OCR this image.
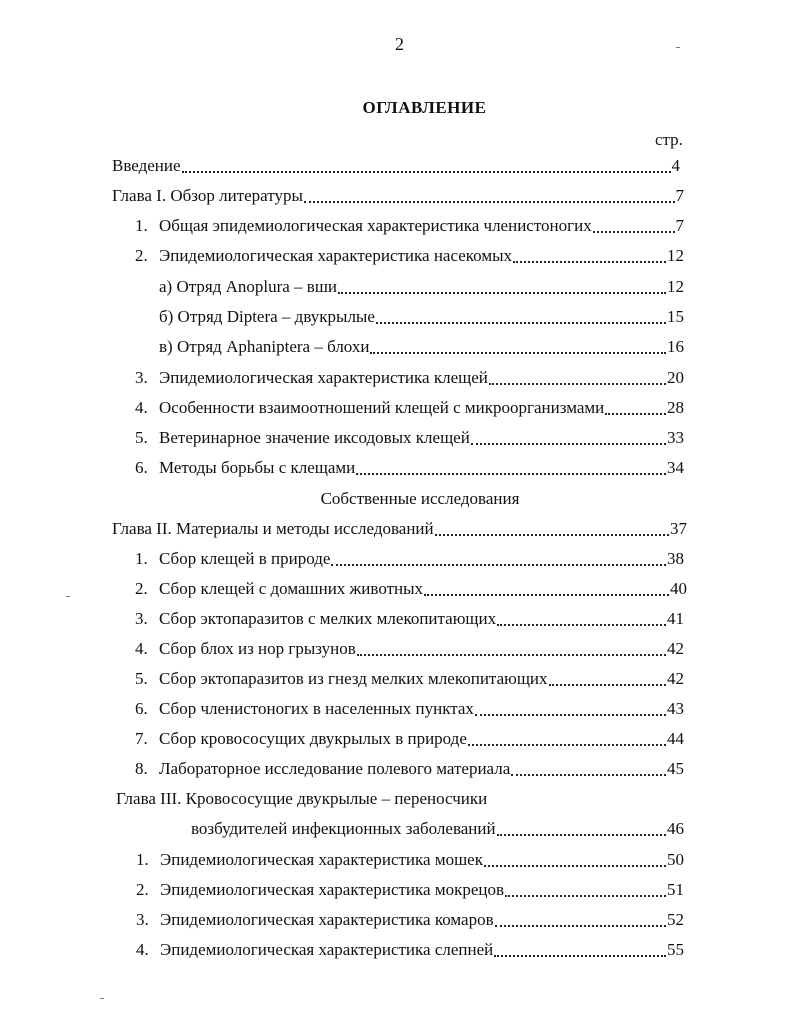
2
ОГЛАВЛЕНИЕ
стр.
Введение	4
Глава I. Обзор литературы	7
1. Общая эпидемиологическая характеристика членистоногих	7
2. Эпидемиологическая характеристика насекомых	12
а) Отряд Anoplura – вши	12
б) Отряд Diptera – двукрылые	15
в) Отряд Aphaniptera – блохи	16
3. Эпидемиологическая характеристика клещей	20
4. Особенности взаимоотношений клещей с микроорганизмами	28
5. Ветеринарное значение иксодовых клещей	33
6. Методы борьбы с клещами	34
Собственные исследования
Глава II. Материалы и методы исследований	37
1. Сбор клещей в природе	38
2. Сбор клещей с домашних животных	40
3. Сбор эктопаразитов с мелких млекопитающих	41
4. Сбор блох из нор грызунов	42
5. Сбор эктопаразитов из гнезд мелких млекопитающих	42
6. Сбор членистоногих в населенных пунктах	43
7. Сбор кровососущих двукрылых в природе	44
8. Лабораторное исследование полевого материала	45
Глава III. Кровососущие двукрылые – переносчики
возбудителей инфекционных заболеваний	46
1. Эпидемиологическая характеристика мошек	50
2. Эпидемиологическая характеристика мокрецов	51
3. Эпидемиологическая характеристика комаров	52
4. Эпидемиологическая характеристика слепней	55
